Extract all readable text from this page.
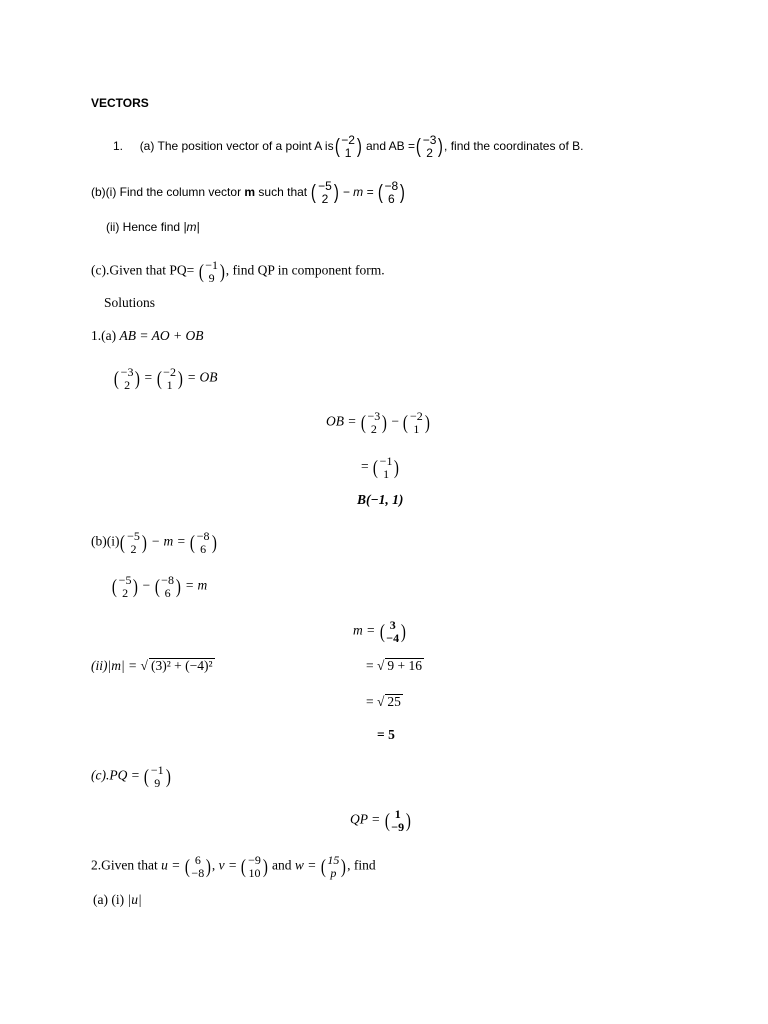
VECTORS
1. (a) The position vector of a point A is( −2
1 ) and AB =( −3
2 ), find the coordinates of B.
(b)(i) Find the column vector m such that ( −5
2 ) − m = ( −8
6 )
(ii) Hence find |m|
(c).Given that PQ= ( −1
9 ), find QP in component form.
Solutions
1.(a) AB = AO + OB
( −3
2 ) = ( −2
1 ) = OB
OB = ( −3
2 ) − ( −2
1 )
= ( −1
1 )
B(−1, 1)
(b)(i)( −5
2 ) − m = ( −8
6 )
( −5
2 ) − ( −8
6 ) = m
m = ( 3
−4 )
(ii)|m| = √ (3)² + (−4)²	= √ 9 + 16
= √ 25
= 5
(c).PQ = ( −1
9 )
QP = ( 1
−9 )
2.Given that u = ( 6
−8 ), v = ( −9
10 ) and w = ( 15
p ), find
(a) (i) |u|
